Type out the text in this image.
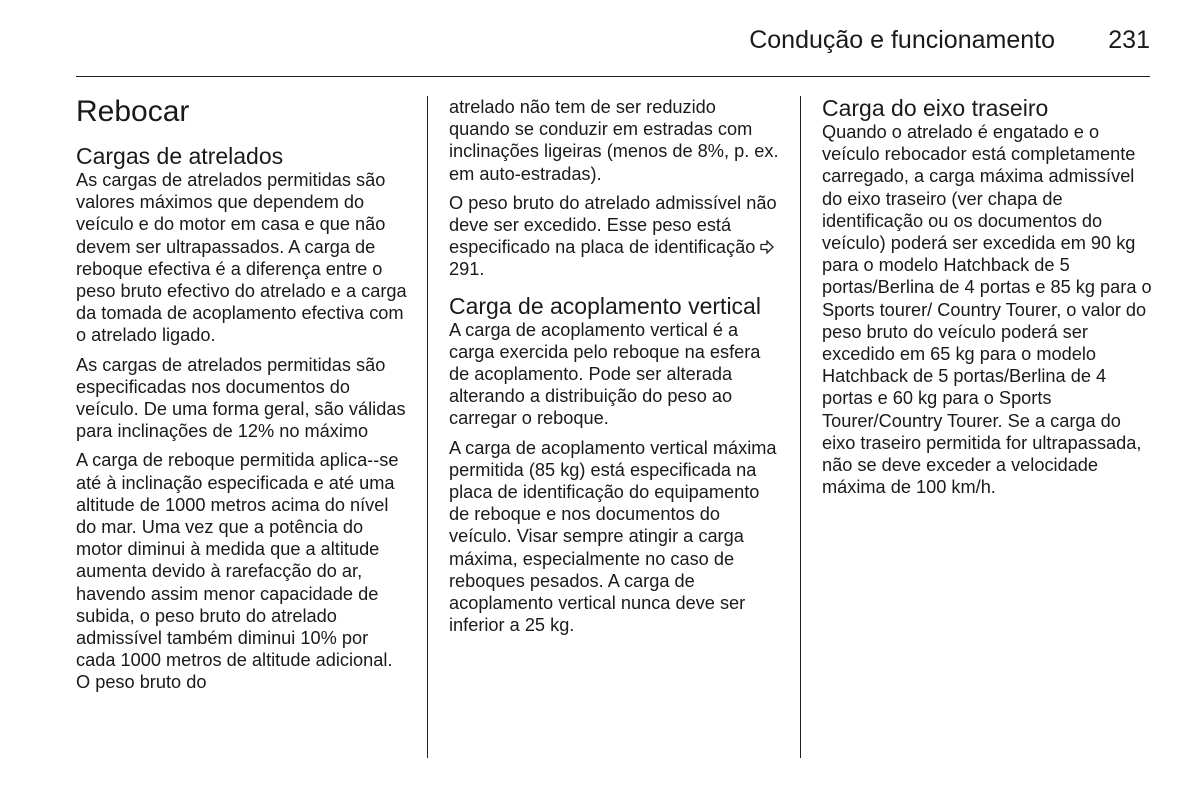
Condução e funcionamento 231
Rebocar
Cargas de atrelados

As cargas de atrelados permitidas são valores máximos que dependem do veículo e do motor em casa e que não devem ser ultrapassados. A carga de reboque efectiva é a diferença entre o peso bruto efectivo do atrelado e a carga da tomada de acoplamento efectiva com o atrelado ligado.

As cargas de atrelados permitidas são especificadas nos documentos do veículo. De uma forma geral, são válidas para inclinações de 12% no máximo

A carga de reboque permitida aplica--se até à inclinação especificada e até uma altitude de 1000 metros acima do nível do mar. Uma vez que a potência do motor diminui à medida que a altitude aumenta devido à rarefacção do ar, havendo assim menor capacidade de subida, o peso bruto do atrelado admissível também diminui 10% por cada 1000 metros de altitude adicional. O peso bruto do

atrelado não tem de ser reduzido quando se conduzir em estradas com inclinações ligeiras (menos de 8%, p. ex. em auto-estradas).

O peso bruto do atrelado admissível não deve ser excedido. Esse peso está especificado na placa de identificação  291.

Carga de acoplamento vertical

A carga de acoplamento vertical é a carga exercida pelo reboque na esfera de acoplamento. Pode ser alterada alterando a distribuição do peso ao carregar o reboque.

A carga de acoplamento vertical máxima permitida (85 kg) está especificada na placa de identificação do equipamento de reboque e nos documentos do veículo. Visar sempre atingir a carga máxima, especialmente no caso de reboques pesados. A carga de acoplamento vertical nunca deve ser inferior a 25 kg.

Carga do eixo traseiro

Quando o atrelado é engatado e o veículo rebocador está completamente carregado, a carga máxima admissível do eixo traseiro (ver chapa de identificação ou os documentos do veículo) poderá ser excedida em 90 kg para o modelo Hatchback de 5 portas/Berlina de 4 portas e 85 kg para o Sports tourer/ Country Tourer, o valor do peso bruto do veículo poderá ser excedido em 65 kg para o modelo Hatchback de 5 portas/Berlina de 4 portas e 60 kg para o Sports Tourer/Country Tourer. Se a carga do eixo traseiro permitida for ultrapassada, não se deve exceder a velocidade máxima de 100 km/h.
